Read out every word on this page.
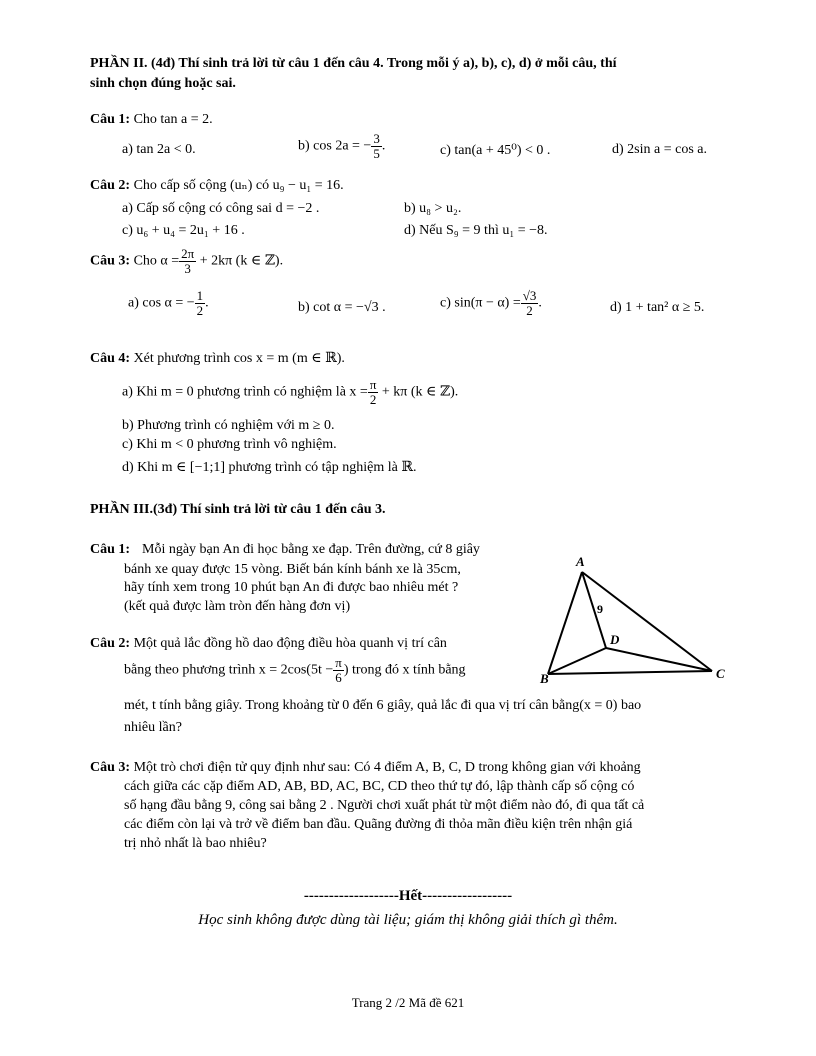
PHẦN II. (4đ) Thí sinh trả lời từ câu 1 đến câu 4. Trong mỗi ý a), b), c), d) ở mỗi câu, thí
sinh chọn đúng hoặc sai.
Câu 1: Cho tan a = 2.
a) tan 2a < 0.	b) cos 2a = − $\frac{3}{5}$ .	c) tan(a + 45⁰) < 0 .	d) 2sin a = cos a.
Câu 2: Cho cấp số cộng (uₙ) có u₉ − u₁ = 16.
a) Cấp số cộng có công sai d = −2 .	b) u₈ > u₂.
c) u₆ + u₄ = 2u₁ + 16 .	d) Nếu S₉ = 9 thì u₁ = −8.
Câu 3: Cho $\alpha = \frac{2\pi}{3} + 2k\pi$ (k ∈ ℤ).
a) cos α = − $\frac{1}{2}$ .	b) cot α = −√3 .	c) $\sin(\pi - \alpha) = \frac{√3}{2}$ .	d) 1 + tan² α ≥ 5.
Câu 4: Xét phương trình cos x = m (m ∈ ℝ).
a) Khi m = 0 phương trình có nghiệm là $x = \frac{\pi}{2} + k\pi$ (k ∈ ℤ).
b) Phương trình có nghiệm với m ≥ 0.
c) Khi m < 0 phương trình vô nghiệm.
d) Khi m ∈ [−1;1] phương trình có tập nghiệm là ℝ.
PHẦN III.(3đ) Thí sinh trả lời từ câu 1 đến câu 3.
Câu 1: Mỗi ngày bạn An đi học bằng xe đạp. Trên đường, cứ 8 giây
bánh xe quay được 15 vòng. Biết bán kính bánh xe là 35cm,
hãy tính xem trong 10 phút bạn An đi được bao nhiêu mét ?
(kết quả được làm tròn đến hàng đơn vị)
Câu 2: Một quả lắc đồng hồ dao động điều hòa quanh vị trí cân
bằng theo phương trình $x = 2\cos(5t - \frac{\pi}{6}$ ) trong đó x tính bằng
mét, t tính bằng giây. Trong khoảng từ 0 đến 6 giây, quả lắc đi qua vị trí cân bằng(x = 0) bao
nhiêu lần?
Câu 3: Một trò chơi điện tử quy định như sau: Có 4 điểm A, B, C, D trong không gian với khoảng
cách giữa các cặp điểm AD, AB, BD, AC, BC, CD theo thứ tự đó, lập thành cấp số cộng có
số hạng đầu bằng 9, công sai bằng 2 . Người chơi xuất phát từ một điểm nào đó, đi qua tất cả
các điểm còn lại và trở về điểm ban đầu. Quãng đường đi thỏa mãn điều kiện trên nhận giá
trị nhỏ nhất là bao nhiêu?
A
B	C
D
9
-------------------Hết------------------
Học sinh không được dùng tài liệu; giám thị không giải thích gì thêm.
Trang 2 /2 Mã đề 621
